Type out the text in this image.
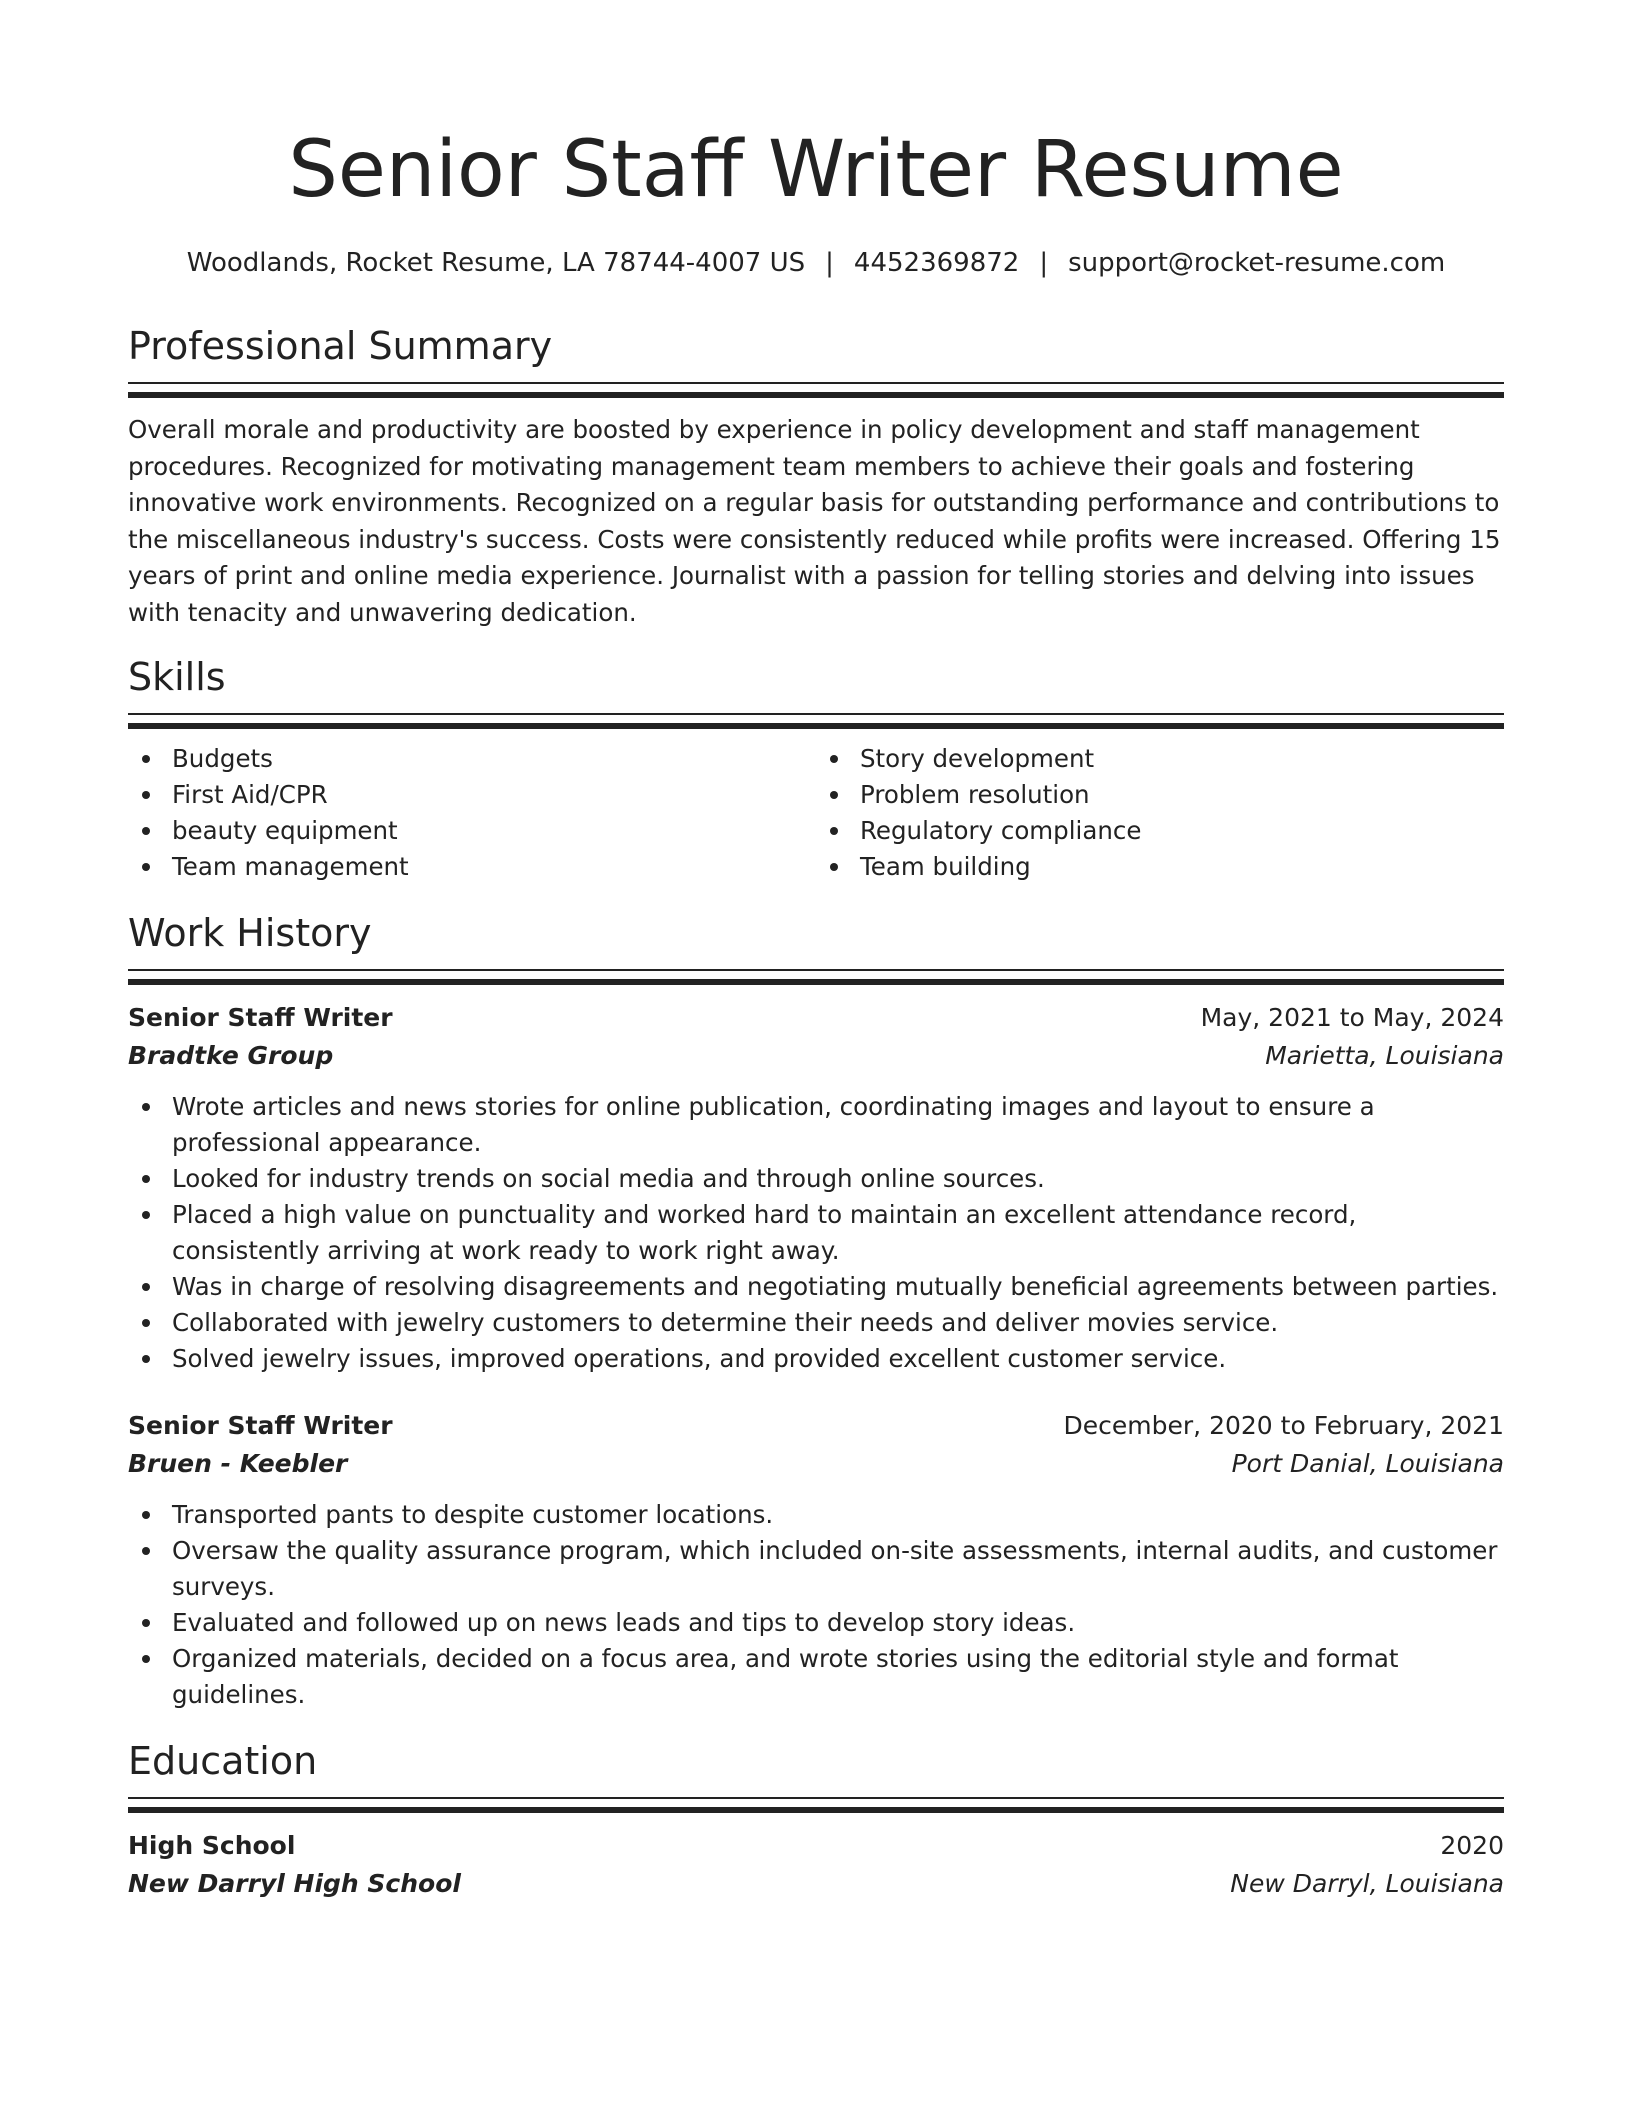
Senior Staff Writer Resume
Woodlands, Rocket Resume, LA 78744-4007 US | 4452369872 | support@rocket-resume.com
Professional Summary

Overall morale and productivity are boosted by experience in policy development and staff management procedures. Recognized for motivating management team members to achieve their goals and fostering innovative work environments. Recognized on a regular basis for outstanding performance and contributions to the miscellaneous industry's success. Costs were consistently reduced while profits were increased. Offering 15 years of print and online media experience. Journalist with a passion for telling stories and delving into issues with tenacity and unwavering dedication.

Skills
Budgets
First Aid/CPR
beauty equipment
Team management
Story development
Problem resolution
Regulatory compliance
Team building
Work History
Senior Staff Writer	May, 2021 to May, 2024
Bradtke Group	Marietta, Louisiana
Wrote articles and news stories for online publication, coordinating images and layout to ensure a professional appearance.
Looked for industry trends on social media and through online sources.
Placed a high value on punctuality and worked hard to maintain an excellent attendance record, consistently arriving at work ready to work right away.
Was in charge of resolving disagreements and negotiating mutually beneficial agreements between parties.
Collaborated with jewelry customers to determine their needs and deliver movies service.
Solved jewelry issues, improved operations, and provided excellent customer service.
Senior Staff Writer	December, 2020 to February, 2021
Bruen - Keebler	Port Danial, Louisiana
Transported pants to despite customer locations.
Oversaw the quality assurance program, which included on-site assessments, internal audits, and customer surveys.
Evaluated and followed up on news leads and tips to develop story ideas.
Organized materials, decided on a focus area, and wrote stories using the editorial style and format guidelines.
Education
High School	2020
New Darryl High School	New Darryl, Louisiana
